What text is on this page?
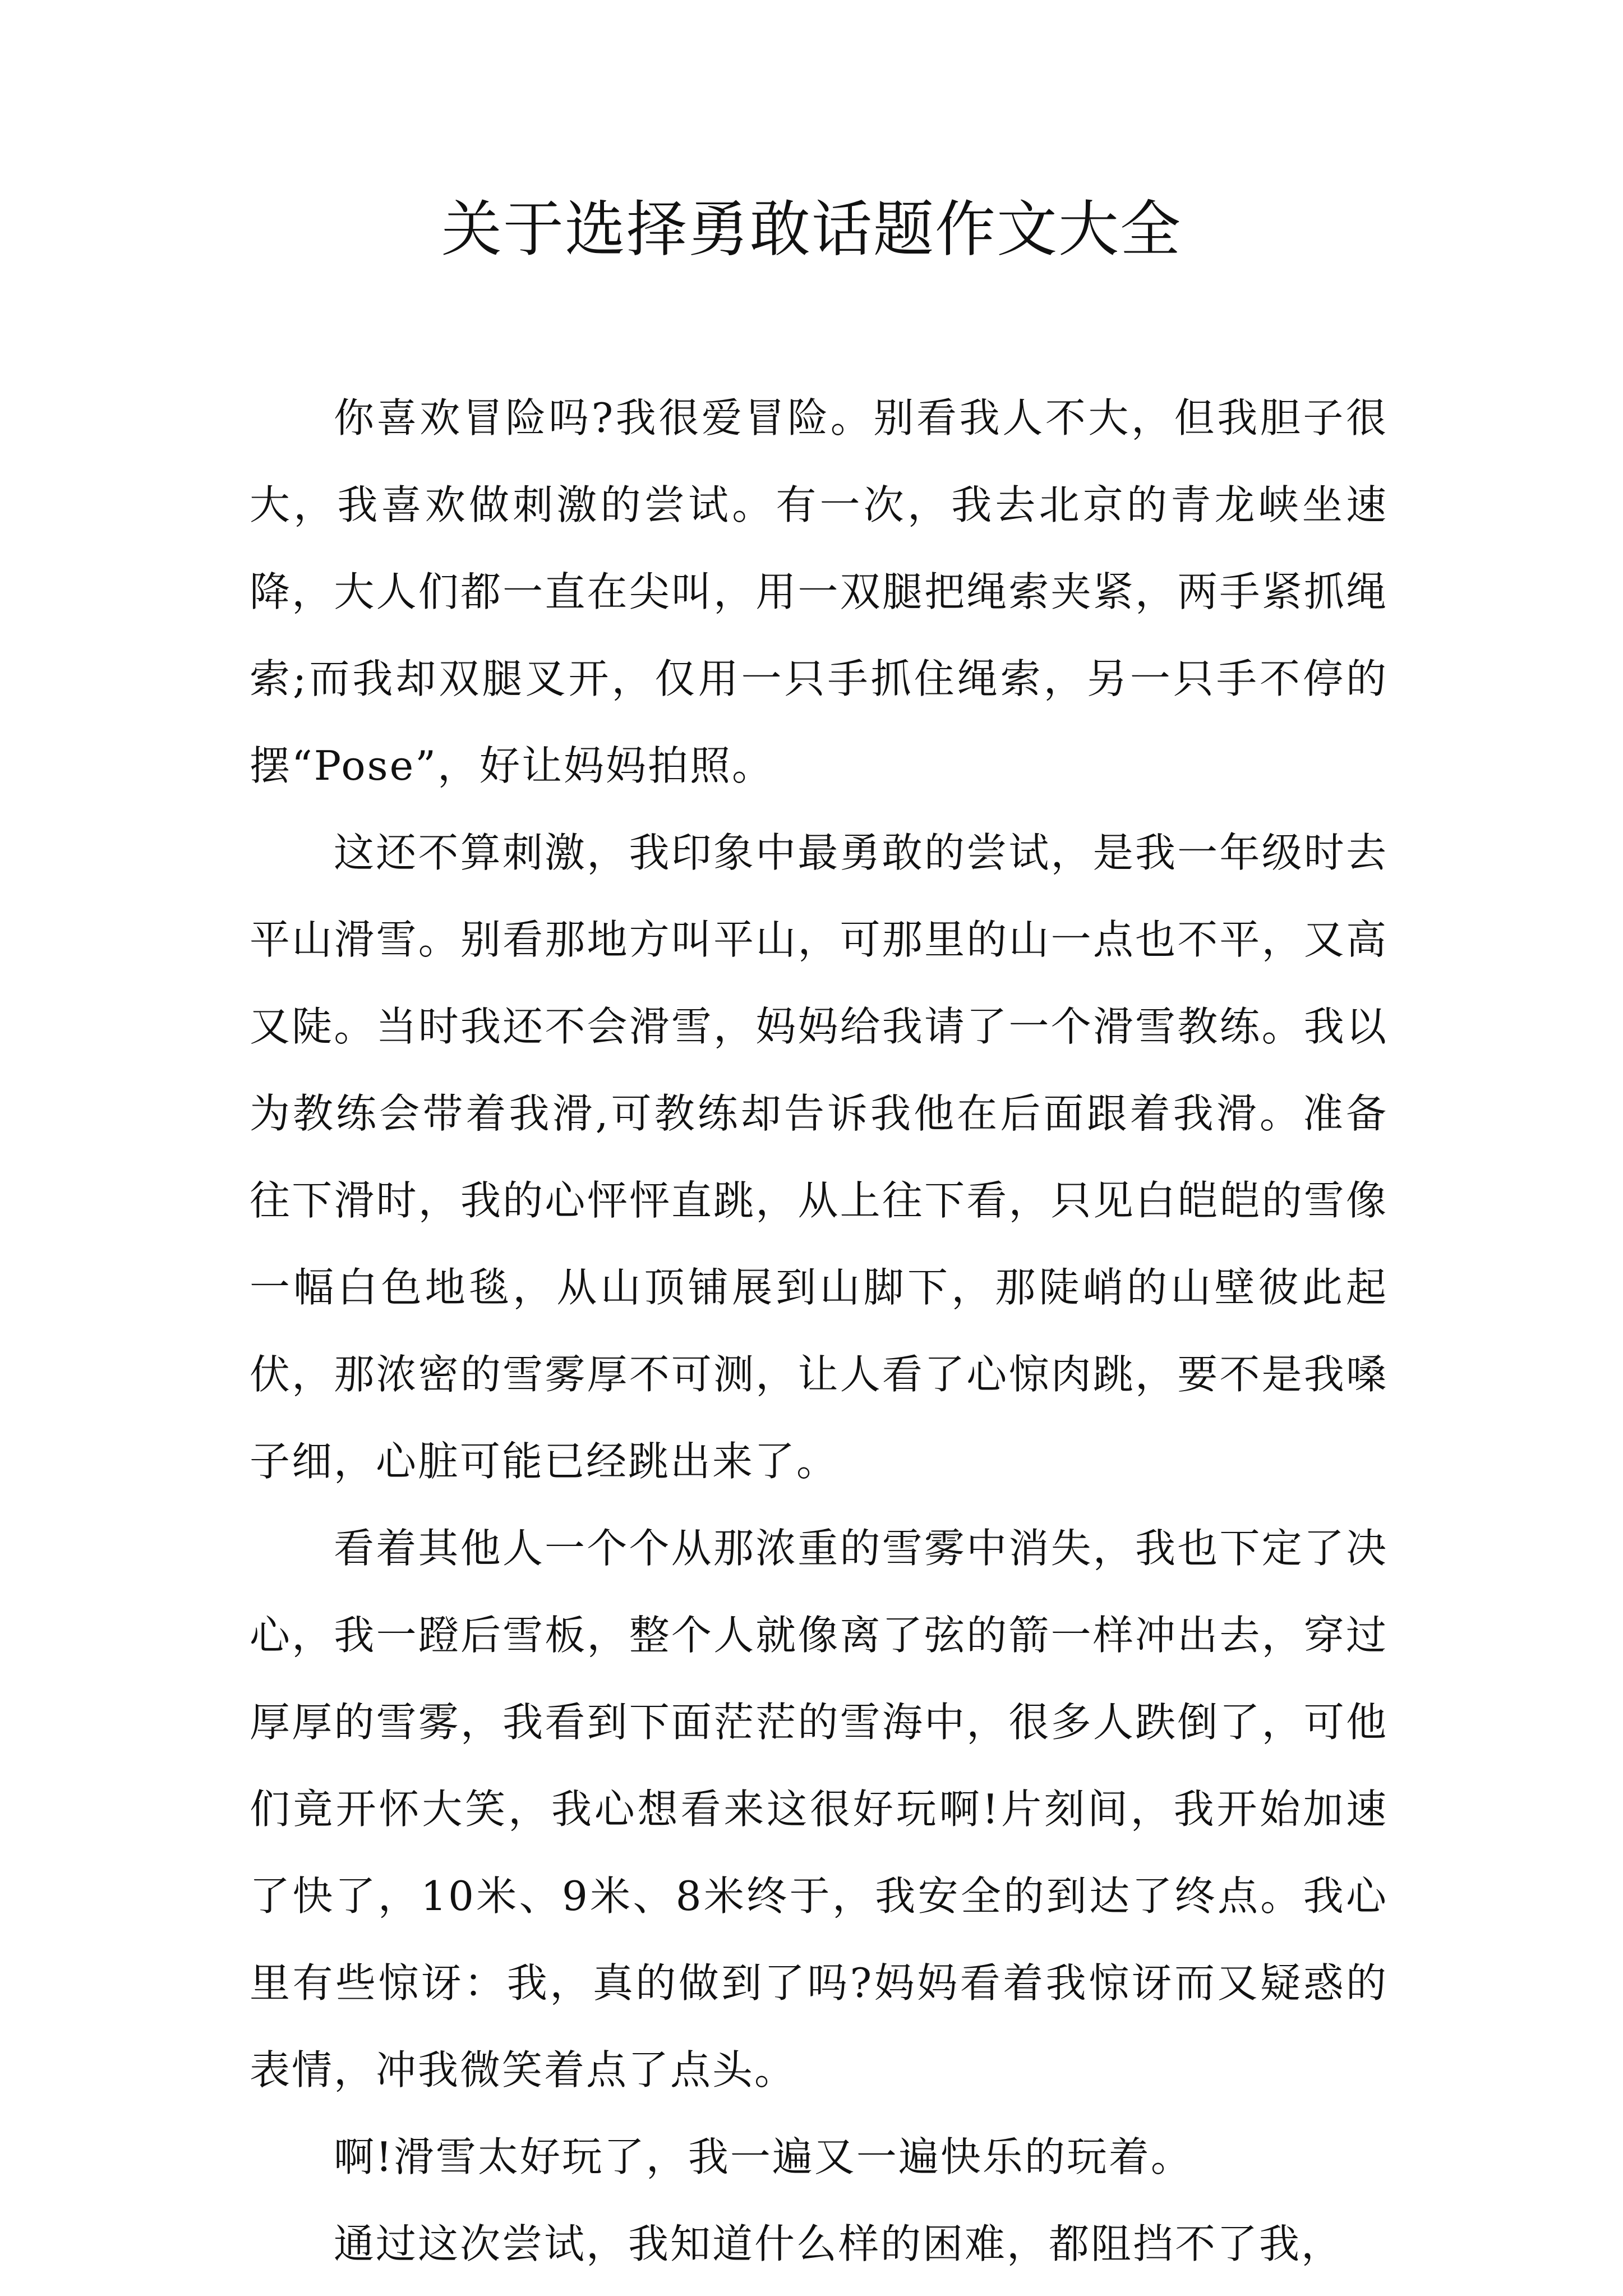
关于选择勇敢话题作文大全

你喜欢冒险吗?我很爱冒险。别看我人不大，但我胆子很大，我喜欢做刺激的尝试。有一次，我去北京的青龙峡坐速降，大人们都一直在尖叫，用一双腿把绳索夹紧，两手紧抓绳索;而我却双腿叉开，仅用一只手抓住绳索，另一只手不停的摆“Pose”，好让妈妈拍照。

这还不算刺激，我印象中最勇敢的尝试，是我一年级时去平山滑雪。别看那地方叫平山，可那里的山一点也不平，又高又陡。当时我还不会滑雪，妈妈给我请了一个滑雪教练。我以为教练会带着我滑,可教练却告诉我他在后面跟着我滑。准备往下滑时，我的心怦怦直跳，从上往下看，只见白皑皑的雪像一幅白色地毯，从山顶铺展到山脚下，那陡峭的山壁彼此起伏，那浓密的雪雾厚不可测，让人看了心惊肉跳，要不是我嗓子细，心脏可能已经跳出来了。

看着其他人一个个从那浓重的雪雾中消失，我也下定了决心，我一蹬后雪板，整个人就像离了弦的箭一样冲出去，穿过厚厚的雪雾，我看到下面茫茫的雪海中，很多人跌倒了，可他们竟开怀大笑，我心想看来这很好玩啊!片刻间，我开始加速了快了，10米、9米、8米终于，我安全的到达了终点。我心里有些惊讶：我，真的做到了吗?妈妈看着我惊讶而又疑惑的表情，冲我微笑着点了点头。

啊!滑雪太好玩了，我一遍又一遍快乐的玩着。

通过这次尝试，我知道什么样的困难，都阻挡不了我，
